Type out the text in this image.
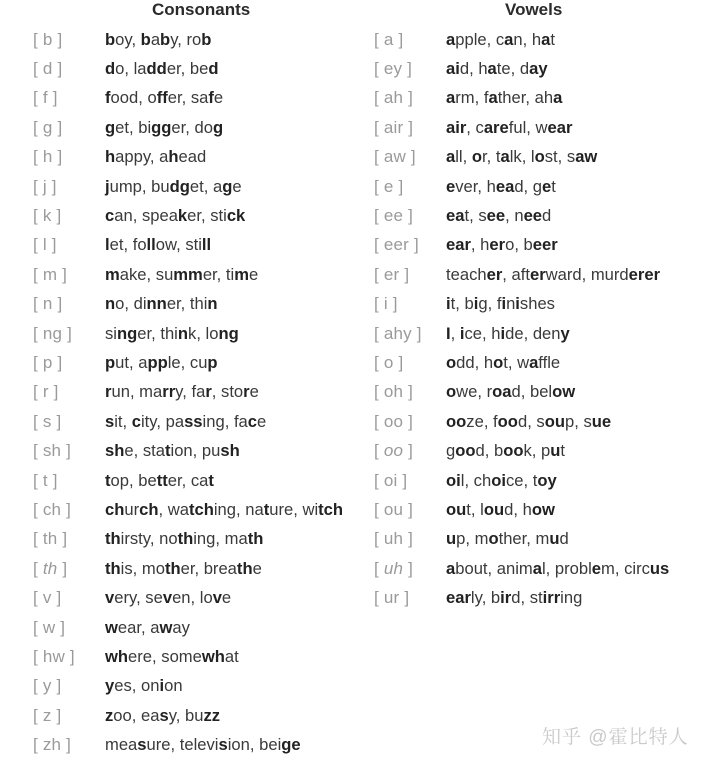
Consonants	Vowels
[ b ]	boy, baby, rob
[ d ]	do, ladder, bed
[ f ]	food, offer, safe
[ g ]	get, bigger, dog
[ h ]	happy, ahead
[ j ]	jump, budget, age
[ k ]	can, speaker, stick
[ l ]	let, follow, still
[ m ]	make, summer, time
[ n ]	no, dinner, thin
[ ng ]	singer, think, long
[ p ]	put, apple, cup
[ r ]	run, marry, far, store
[ s ]	sit, city, passing, face
[ sh ]	she, station, push
[ t ]	top, better, cat
[ ch ]	church, watching, nature, witch
[ th ]	thirsty, nothing, math
[ th ]	this, mother, breathe
[ v ]	very, seven, love
[ w ]	wear, away
[ hw ]	where, somewhat
[ y ]	yes, onion
[ z ]	zoo, easy, buzz
[ zh ]	measure, television, beige
[ a ]	apple, can, hat
[ ey ]	aid, hate, day
[ ah ]	arm, father, aha
[ air ]	air, careful, wear
[ aw ]	all, or, talk, lost, saw
[ e ]	ever, head, get
[ ee ]	eat, see, need
[ eer ]	ear, hero, beer
[ er ]	teacher, afterward, murderer
[ i ]	it, big, finishes
[ ahy ]	I, ice, hide, deny
[ o ]	odd, hot, waffle
[ oh ]	owe, road, below
[ oo ]	ooze, food, soup, sue
[ oo ]	good, book, put
[ oi ]	oil, choice, toy
[ ou ]	out, loud, how
[ uh ]	up, mother, mud
[ uh ]	about, animal, problem, circus
[ ur ]	early, bird, stirring
知乎 @霍比特人
